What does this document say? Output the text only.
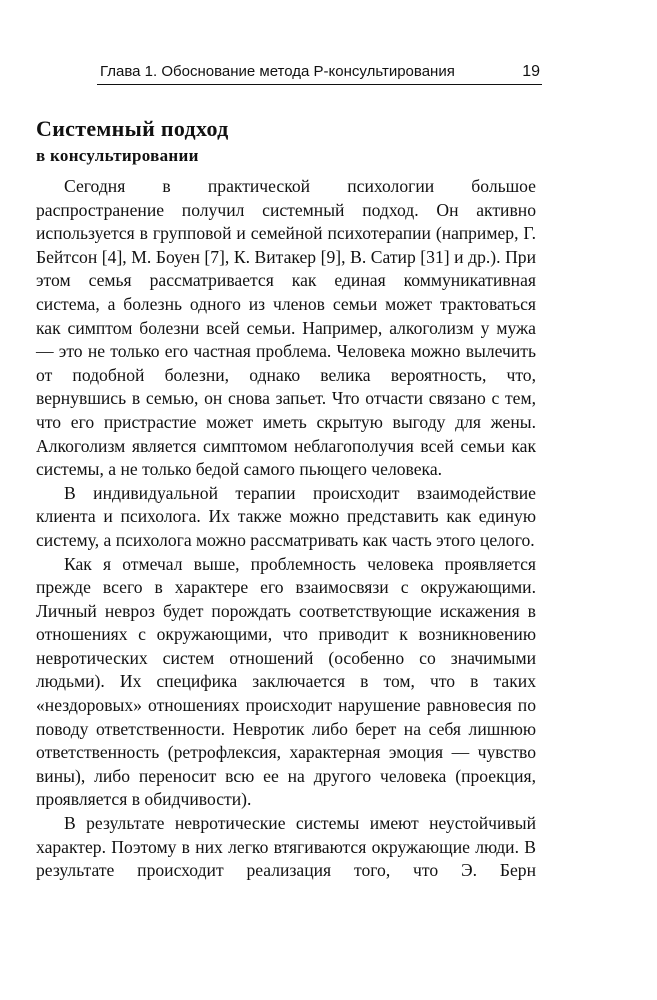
Глава 1. Обоснование метода Р-консультирования	19
Системный подход
в консультировании

Сегодня в практической психологии большое распространение получил системный подход. Он активно используется в групповой и семейной психотерапии (например, Г. Бейтсон [4], М. Боуен [7], К. Витакер [9], В. Сатир [31] и др.). При этом семья рассматривается как единая коммуникативная система, а болезнь одного из членов семьи может трактоваться как симптом болезни всей семьи. Например, алкоголизм у мужа — это не только его частная проблема. Человека можно вылечить от подобной болезни, однако велика вероятность, что, вернувшись в семью, он снова запьет. Что отчасти связано с тем, что его пристрастие может иметь скрытую выгоду для жены. Алкоголизм является симптомом неблагополучия всей семьи как системы, а не только бедой самого пьющего человека.

В индивидуальной терапии происходит взаимодействие клиента и психолога. Их также можно представить как единую систему, а психолога можно рассматривать как часть этого целого.

Как я отмечал выше, проблемность человека проявляется прежде всего в характере его взаимосвязи с окружающими. Личный невроз будет порождать соответствующие искажения в отношениях с окружающими, что приводит к возникновению невротических систем отношений (особенно со значимыми людьми). Их специфика заключается в том, что в таких «нездоровых» отношениях происходит нарушение равновесия по поводу ответственности. Невротик либо берет на себя лишнюю ответственность (ретрофлексия, характерная эмоция — чувство вины), либо переносит всю ее на другого человека (проекция, проявляется в обидчивости).

В результате невротические системы имеют неустойчивый характер. Поэтому в них легко втягиваются окружающие люди. В результате происходит реализация того, что Э. Берн
